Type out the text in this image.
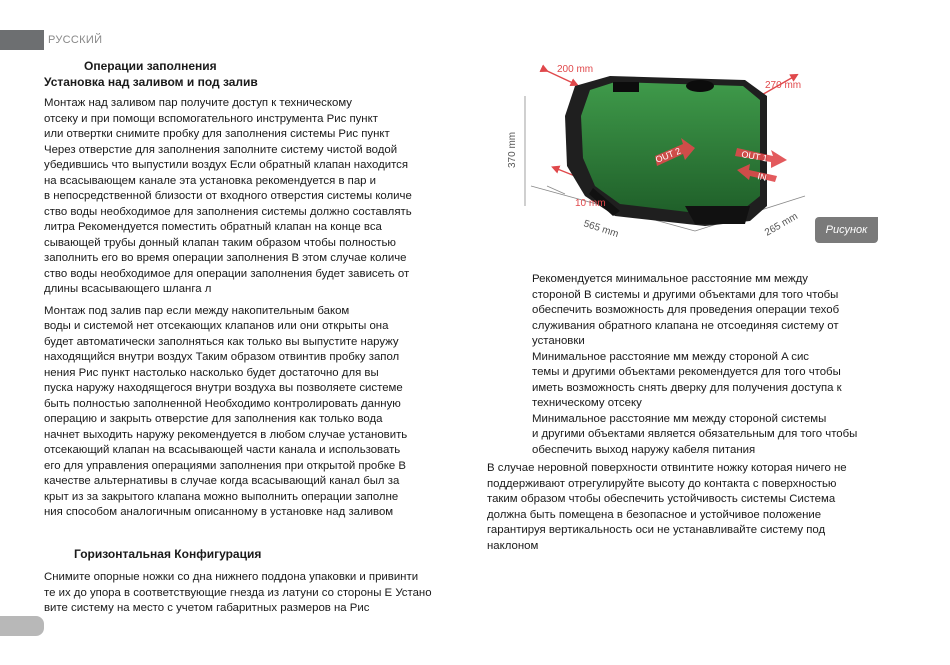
РУССКИЙ

Операции заполнения

Установка над заливом и под залив

Монтаж над заливом пар получите доступ к техническому

отсеку и при помощи вспомогательного инструмента Рис пункт

или отвертки снимите пробку для заполнения системы Рис пункт

Через отверстие для заполнения заполните систему чистой водой

убедившись что выпустили воздух Если обратный клапан находится

на всасывающем канале эта установка рекомендуется в пар и

в непосредственной близости от входного отверстия системы количе

ство воды необходимое для заполнения системы должно составлять

литра Рекомендуется поместить обратный клапан на конце вса

сывающей трубы донный клапан таким образом чтобы полностью

заполнить его во время операции заполнения В этом случае количе

ство воды необходимое для операции заполнения будет зависеть от

длины всасывающего шланга л

Монтаж под залив пар если между накопительным баком

воды и системой нет отсекающих клапанов или они открыты она

будет автоматически заполняться как только вы выпустите наружу

находящийся внутри воздух Таким образом отвинтив пробку запол

нения Рис пункт настолько насколько будет достаточно для вы

пуска наружу находящегося внутри воздуха вы позволяете системе

быть полностью заполненной Необходимо контролировать данную

операцию и закрыть отверстие для заполнения как только вода

начнет выходить наружу рекомендуется в любом случае установить

отсекающий клапан на всасывающей части канала и использовать

его для управления операциями заполнения при открытой пробке В

качестве альтернативы в случае когда всасывающий канал был за

крыт из за закрытого клапана можно выполнить операции заполне

ния способом аналогичным описанному в установке над заливом

Горизонтальная Конфигурация

Снимите опорные ножки со дна нижнего поддона упаковки и привинти

те их до упора в соответствующие гнезда из латуни со стороны E Устано

вите систему на место с учетом габаритных размеров на Рис

200 mm
270 mm
10 mm
370 mm
565 mm	265 mm
OUT 2	OUT 1
IN
Рисунок

Рекомендуется минимальное расстояние мм между

стороной B системы и другими объектами для того чтобы

обеспечить возможность для проведения операции техоб

служивания обратного клапана не отсоединяя систему от

установки

Минимальное расстояние мм между стороной A сис

темы и другими объектами рекомендуется для того чтобы

иметь возможность снять дверку для получения доступа к

техническому отсеку

Минимальное расстояние мм между стороной системы

и другими объектами является обязательным для того чтобы

обеспечить выход наружу кабеля питания

В случае неровной поверхности отвинтите ножку которая ничего не

поддерживают отрегулируйте высоту до контакта с поверхностью

таким образом чтобы обеспечить устойчивость системы Система

должна быть помещена в безопасное и устойчивое положение

гарантируя вертикальность оси не устанавливайте систему под

наклоном
